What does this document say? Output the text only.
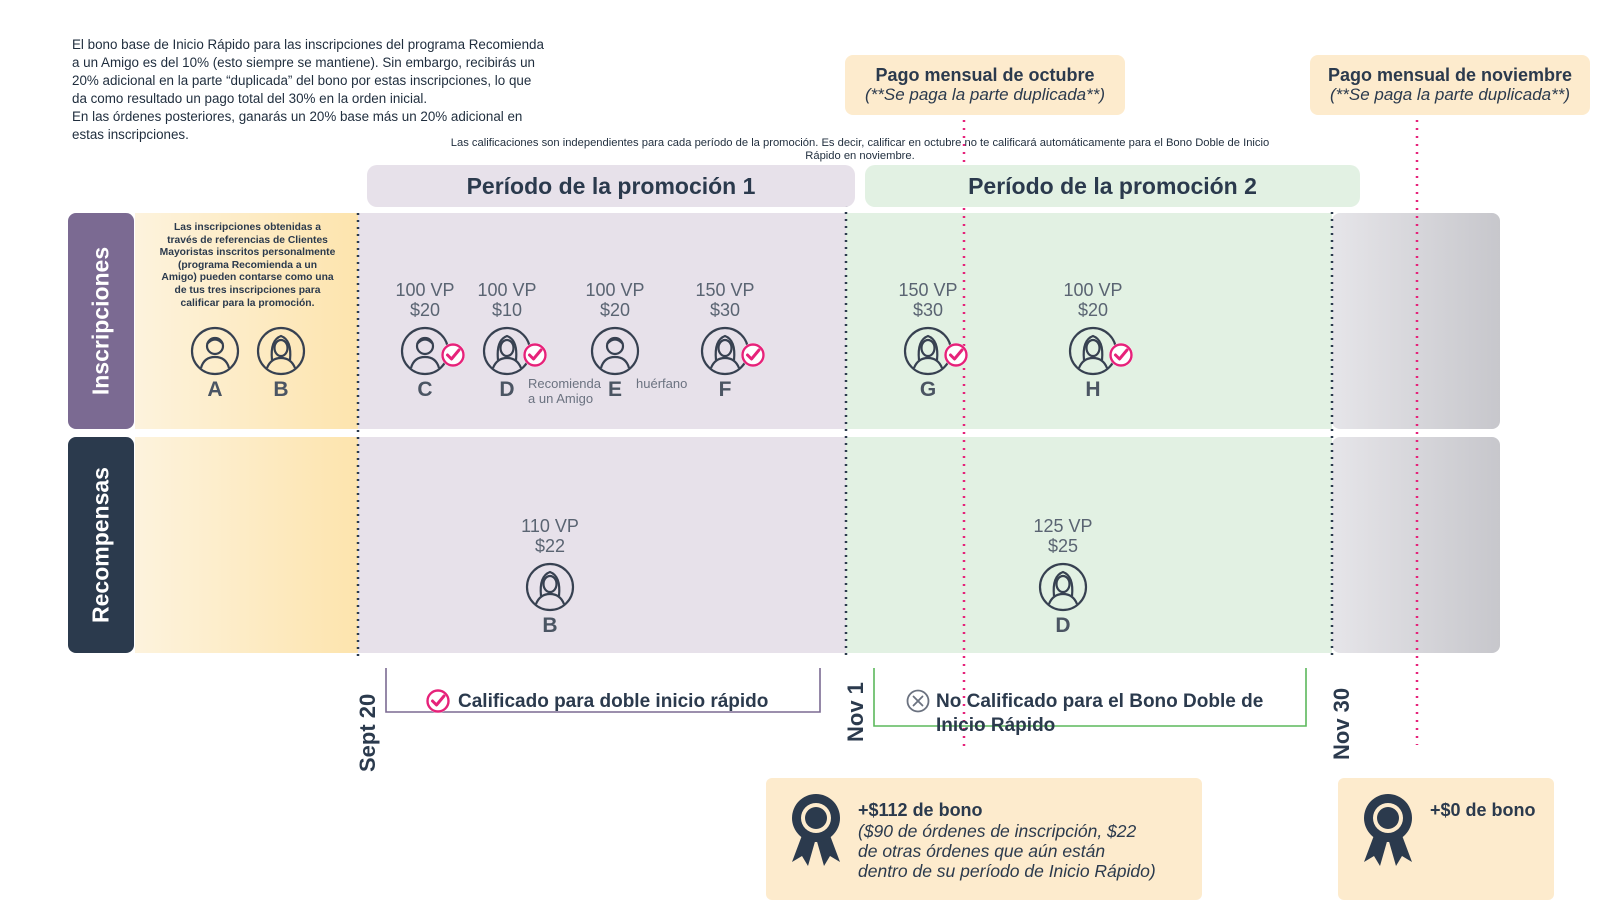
El bono base de Inicio Rápido para las inscripciones del programa Recomienda
a un Amigo es del 10% (esto siempre se mantiene). Sin embargo, recibirás un
20% adicional en la parte “duplicada” del bono por estas inscripciones, lo que
da como resultado un pago total del 30% en la orden inicial.
En las órdenes posteriores, ganarás un 20% base más un 20% adicional en
estas inscripciones.
Pago mensual de octubre
(**Se paga la parte duplicada**)
Pago mensual de noviembre
(**Se paga la parte duplicada**)
Las calificaciones son independientes para cada período de la promoción. Es decir, calificar en octubre no te calificará automáticamente para el Bono Doble de Inicio
Rápido en noviembre.
Período de la promoción 1	Período de la promoción 2
Inscripciones
Recompensas
Las inscripciones obtenidas a
través de referencias de Clientes
Mayoristas inscritos personalmente
(programa Recomienda a un
Amigo) pueden contarse como una
de tus tres inscripciones para
calificar para la promoción.
A	B
100 VP
$20
C
100 VP
$10
D	Recomienda
a un Amigo
100 VP
$20
E	huérfano
150 VP
$30
F
150 VP
$30
G
100 VP
$20
H
110 VP
$22
B
125 VP
$25
D
Sept 20	Nov 1	Nov 30
Calificado para doble inicio rápido	No Calificado para el Bono Doble de
Inicio Rápido
+$112 de bono
($90 de órdenes de inscripción, $22
de otras órdenes que aún están
dentro de su período de Inicio Rápido)
+$0 de bono
